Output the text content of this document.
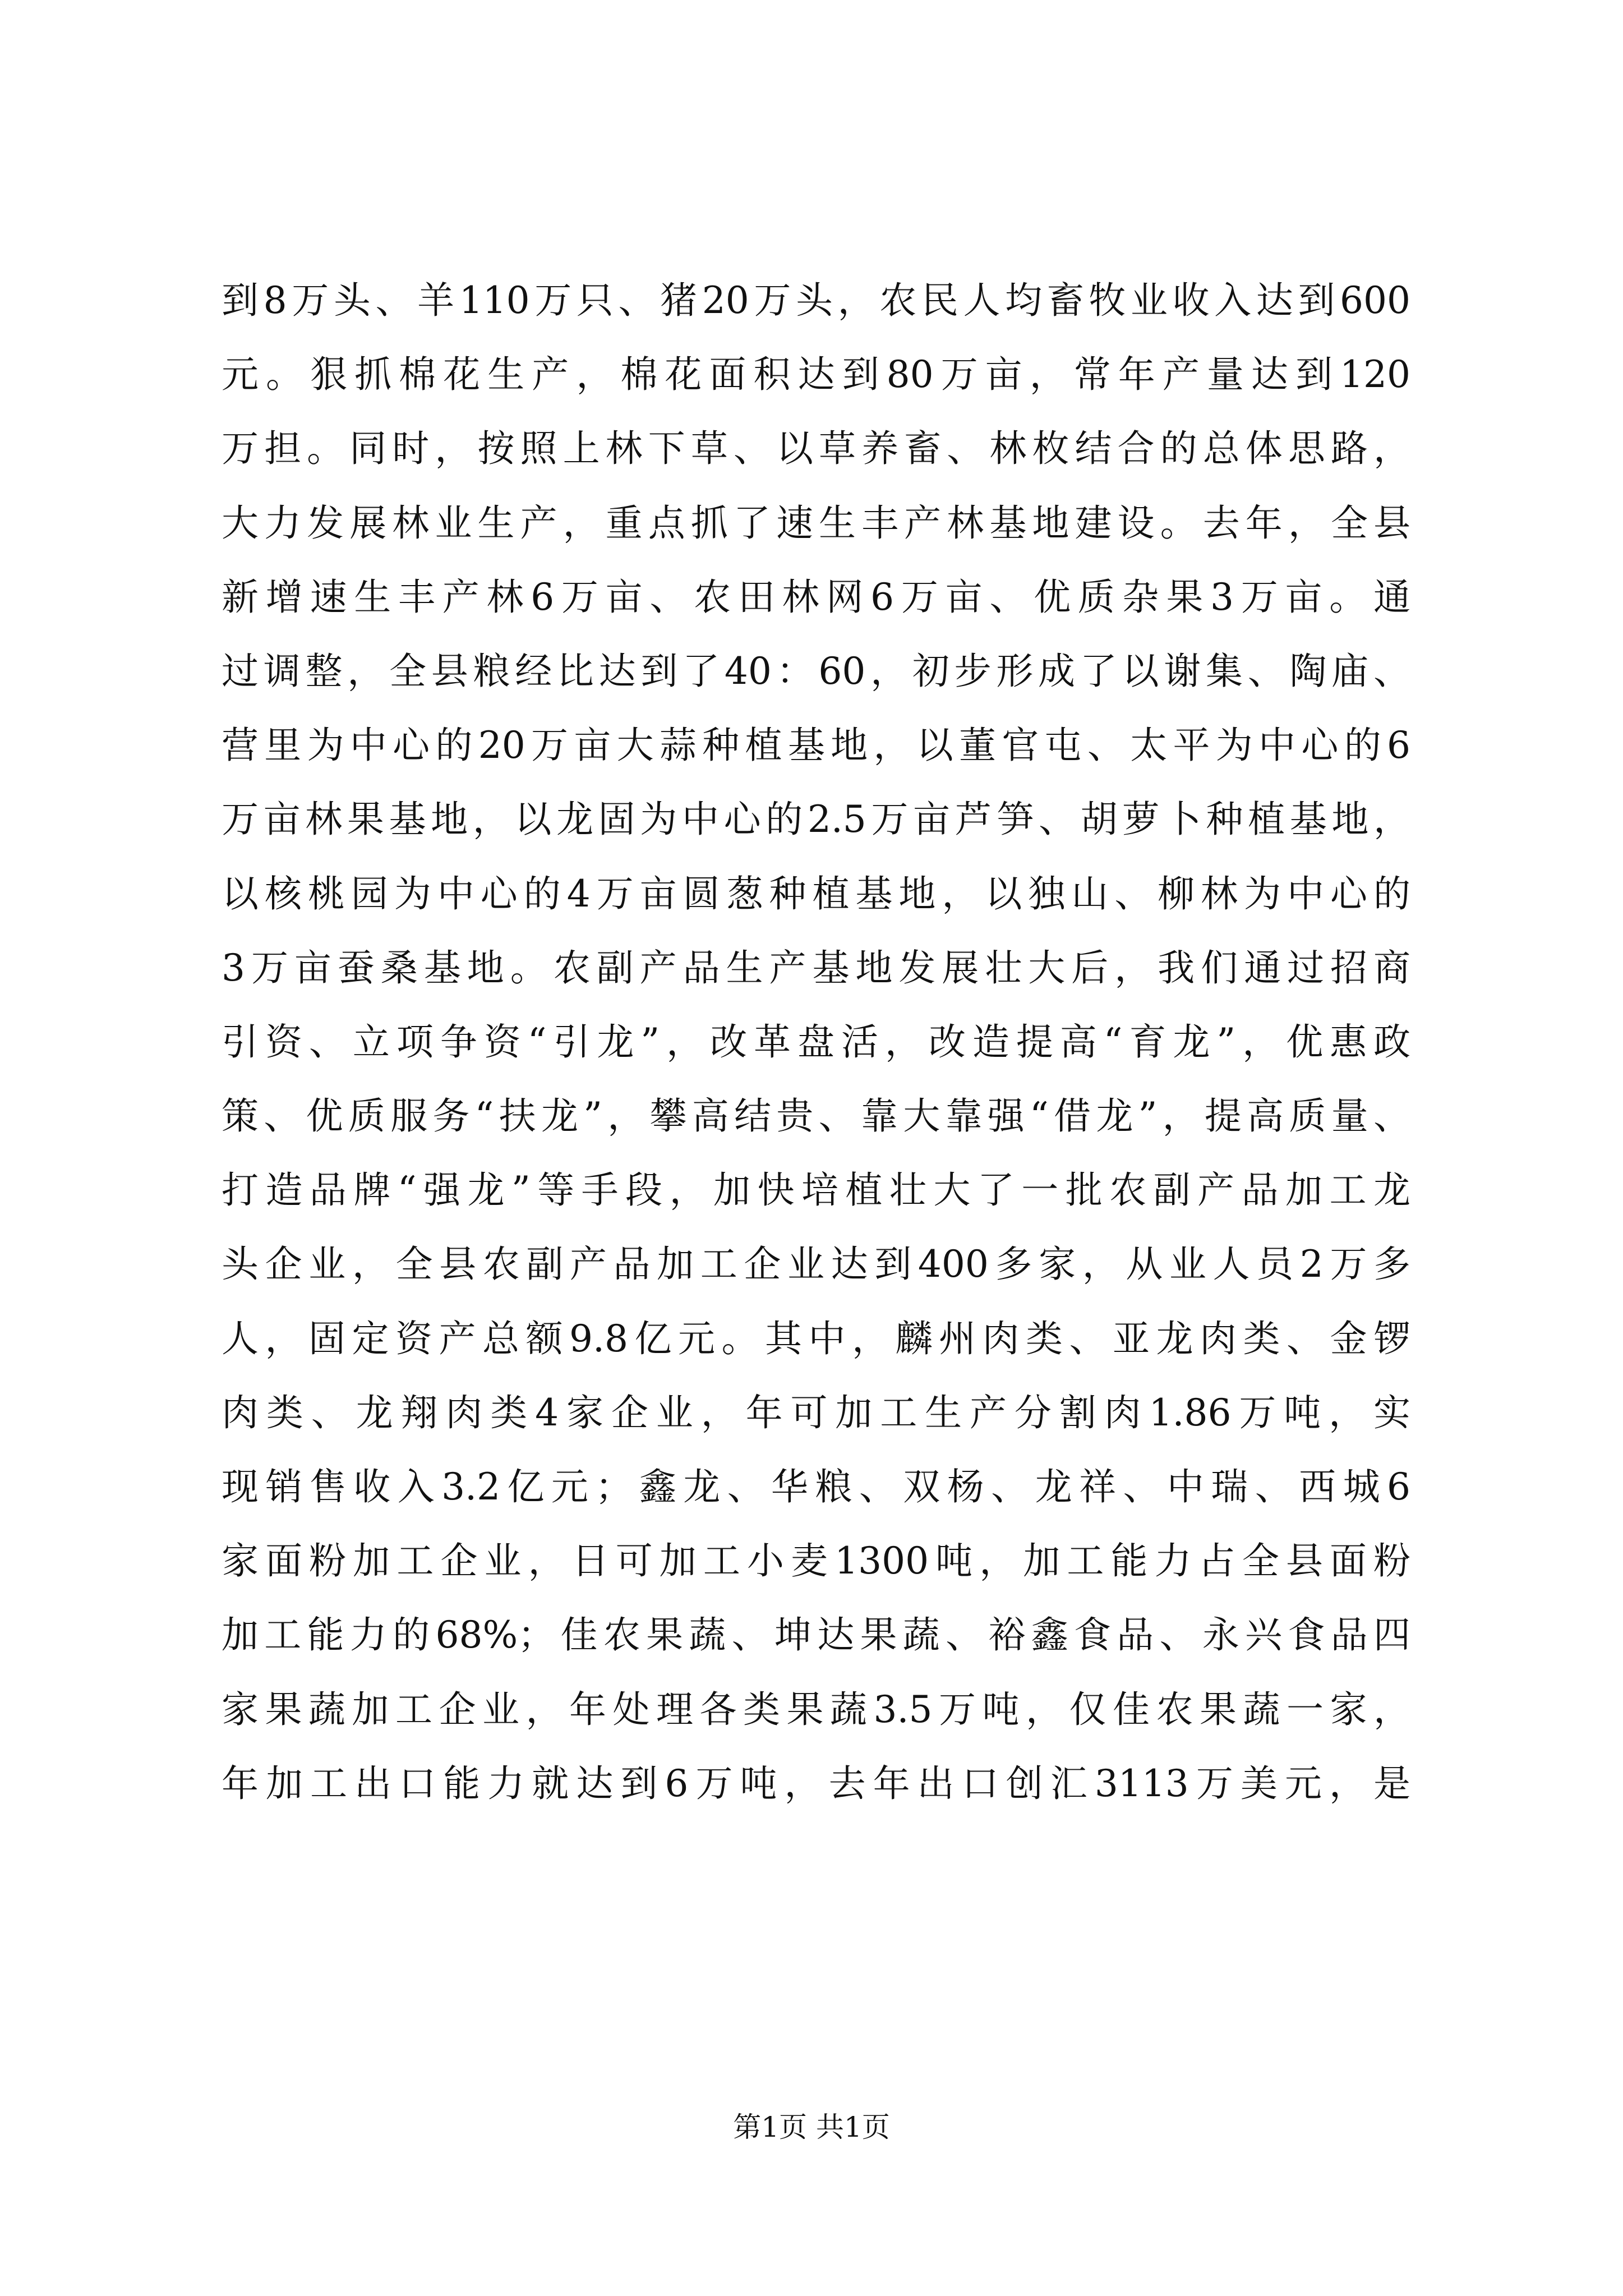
到8万头、羊110万只、猪20万头，农民人均畜牧业收入达到600
元。狠抓棉花生产，棉花面积达到80万亩，常年产量达到120
万担。同时，按照上林下草、以草养畜、林枚结合的总体思路，
大力发展林业生产，重点抓了速生丰产林基地建设。去年，全县
新增速生丰产林6万亩、农田林网6万亩、优质杂果3万亩。通
过调整，全县粮经比达到了40：60，初步形成了以谢集、陶庙、
营里为中心的20万亩大蒜种植基地，以董官屯、太平为中心的6
万亩林果基地，以龙固为中心的2.5万亩芦笋、胡萝卜种植基地，
以核桃园为中心的4万亩圆葱种植基地，以独山、柳林为中心的
3万亩蚕桑基地。农副产品生产基地发展壮大后，我们通过招商
引资、立项争资“引龙”，改革盘活，改造提高“育龙”，优惠政
策、优质服务“扶龙”，攀高结贵、靠大靠强“借龙”，提高质量、
打造品牌“强龙”等手段，加快培植壮大了一批农副产品加工龙
头企业，全县农副产品加工企业达到400多家，从业人员2万多
人，固定资产总额9.8亿元。其中，麟州肉类、亚龙肉类、金锣
肉类、龙翔肉类4家企业，年可加工生产分割肉1.86万吨，实
现销售收入3.2亿元；鑫龙、华粮、双杨、龙祥、中瑞、西城6
家面粉加工企业，日可加工小麦1300吨，加工能力占全县面粉
加工能力的68%；佳农果蔬、坤达果蔬、裕鑫食品、永兴食品四
家果蔬加工企业，年处理各类果蔬3.5万吨，仅佳农果蔬一家，
年加工出口能力就达到6万吨，去年出口创汇3113万美元，是
第1页 共1页
